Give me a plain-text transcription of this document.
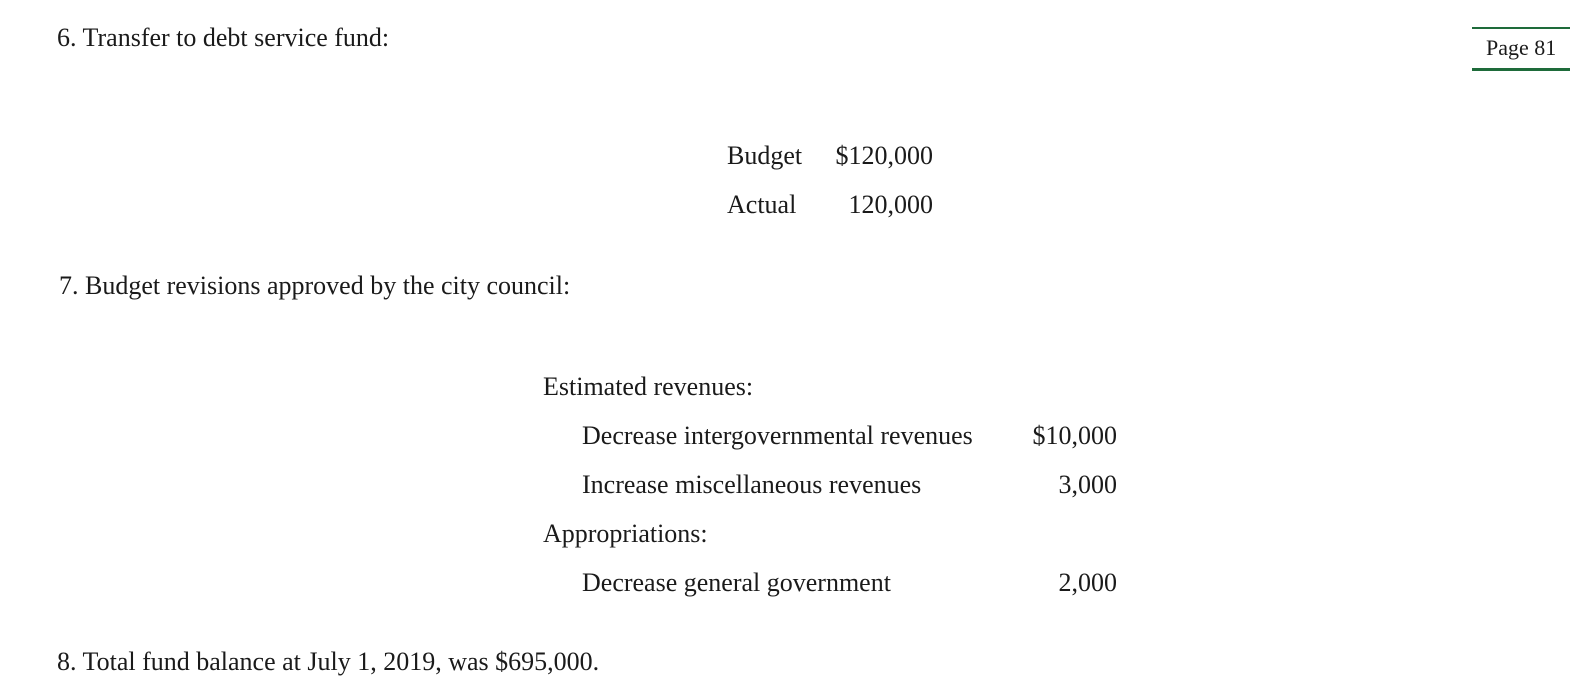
Page 81
6. Transfer to debt service fund:
Budget $120,000
Actual 120,000
7. Budget revisions approved by the city council:
Estimated revenues:
Decrease intergovernmental revenues $10,000
Increase miscellaneous revenues	3,000
Appropriations:
Decrease general government	2,000
8. Total fund balance at July 1, 2019, was $695,000.
